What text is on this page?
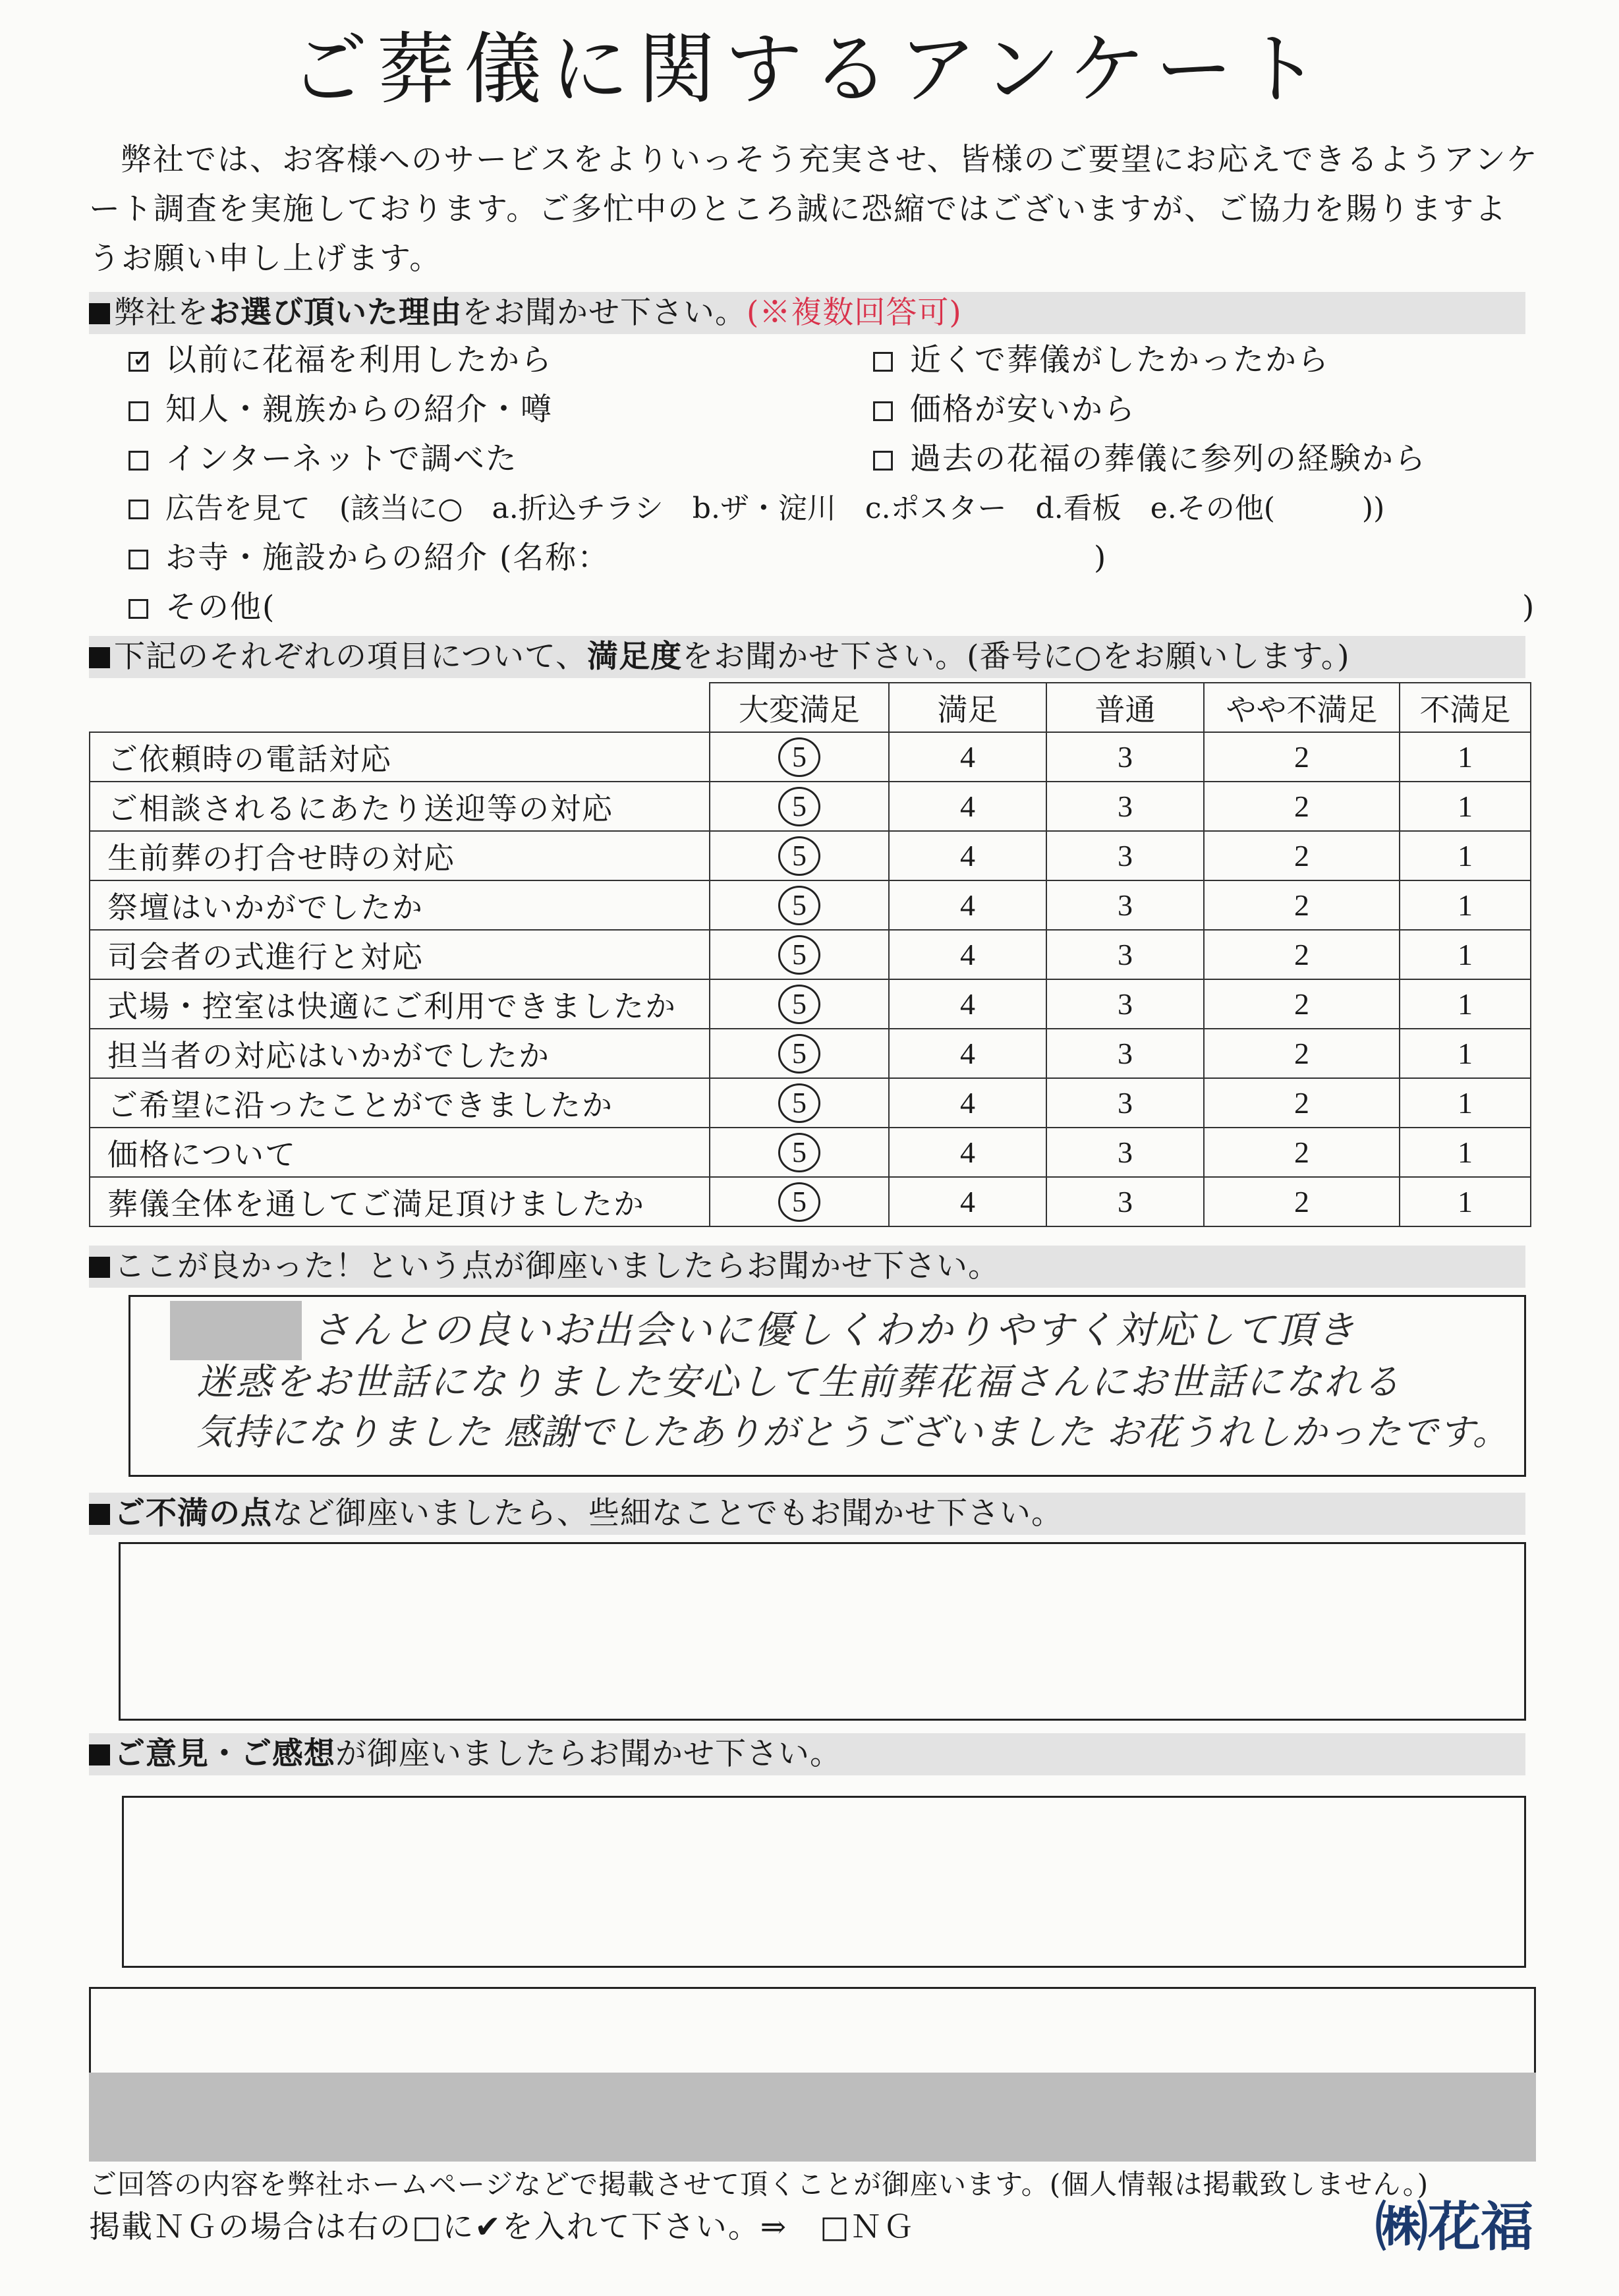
ご葬儀に関するアンケート
弊社では、お客様へのサービスをよりいっそう充実させ、皆様のご要望にお応えできるようアンケート調査を実施しております。ご多忙中のところ誠に恐縮ではございますが、ご協力を賜りますようお願い申し上げます。
弊社をお選び頂いた理由をお聞かせ下さい。(※複数回答可)
✓ 以前に花福を利用したから	近くで葬儀がしたかったから
知人・親族からの紹介・噂	価格が安いから
インターネットで調べた	過去の花福の葬儀に参列の経験から
広告を見て　(該当に○　a.折込チラシ　b.ザ・淀川　c.ポスター　d.看板　e.その他(　　　))
お寺・施設からの紹介 (名称：	)
その他(	)
下記のそれぞれの項目について、満足度をお聞かせ下さい。(番号に○をお願いします。)
	大変満足	満足	普通	やや不満足	不満足
ご依頼時の電話対応	5	4	3	2	1
ご相談されるにあたり送迎等の対応	5	4	3	2	1
生前葬の打合せ時の対応	5	4	3	2	1
祭壇はいかがでしたか	5	4	3	2	1
司会者の式進行と対応	5	4	3	2	1
式場・控室は快適にご利用できましたか	5	4	3	2	1
担当者の対応はいかがでしたか	5	4	3	2	1
ご希望に沿ったことができましたか	5	4	3	2	1
価格について	5	4	3	2	1
葬儀全体を通してご満足頂けましたか	5	4	3	2	1
ここが良かった！という点が御座いましたらお聞かせ下さい。
さんとの良いお出会いに優しくわかりやすく対応して頂き
迷惑をお世話になりました安心して生前葬花福さんにお世話になれる
気持になりました 感謝でしたありがとうございました お花うれしかったです。
ご不満の点など御座いましたら、些細なことでもお聞かせ下さい。
ご意見・ご感想が御座いましたらお聞かせ下さい。
ご回答の内容を弊社ホームページなどで掲載させて頂くことが御座います。(個人情報は掲載致しません。)
掲載ＮＧの場合は右の□に✔を入れて下さい。⇒　□ＮＧ	㈱花福
